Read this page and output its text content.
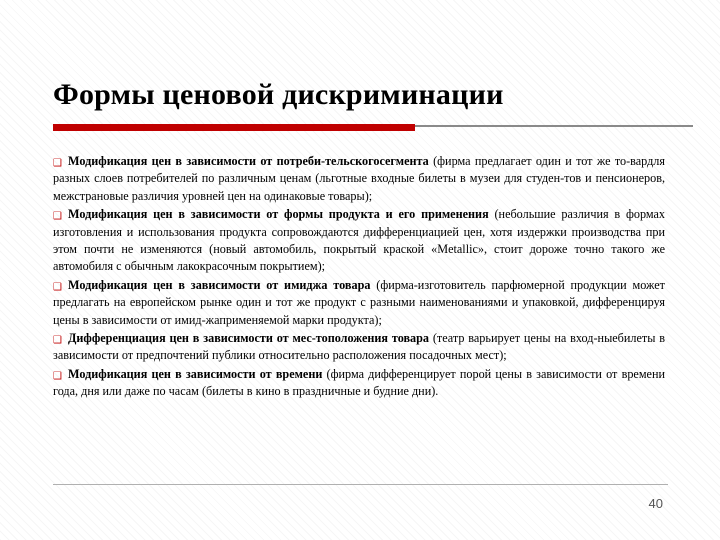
Формы ценовой дискриминации

❑ Модификация цен в зависимости от потреби-тельскогосегмента (фирма предлагает один и тот же то-вардля разных слоев потребителей по различным ценам (льготные входные билеты в музеи для студен-тов и пенсионеров, межстрановые различия уровней цен на одинаковые товары);

❑ Модификация цен в зависимости от формы продукта и его применения (небольшие различия в формах изготовления и использования продукта сопровождаются дифференциацией цен, хотя издержки производства при этом почти не изменяются (новый автомобиль, покрытый краской «Metallic», стоит дороже точно такого же автомобиля с обычным лакокрасочным покрытием);

❑ Модификация цен в зависимости от имиджа товара (фирма-изготовитель парфюмерной продукции может предлагать на европейском рынке один и тот же продукт с разными наименованиями и упаковкой, дифференцируя цены в зависимости от имид-жаприменяемой марки продукта);

❑ Дифференциация цен в зависимости от мес-тоположения товара (театр варьирует цены на вход-ныебилеты в зависимости от предпочтений публики относительно расположения посадочных мест);

❑ Модификация цен в зависимости от времени (фирма дифференцирует порой цены в зависимости от времени года, дня или даже по часам (билеты в кино в праздничные и будние дни).

40
